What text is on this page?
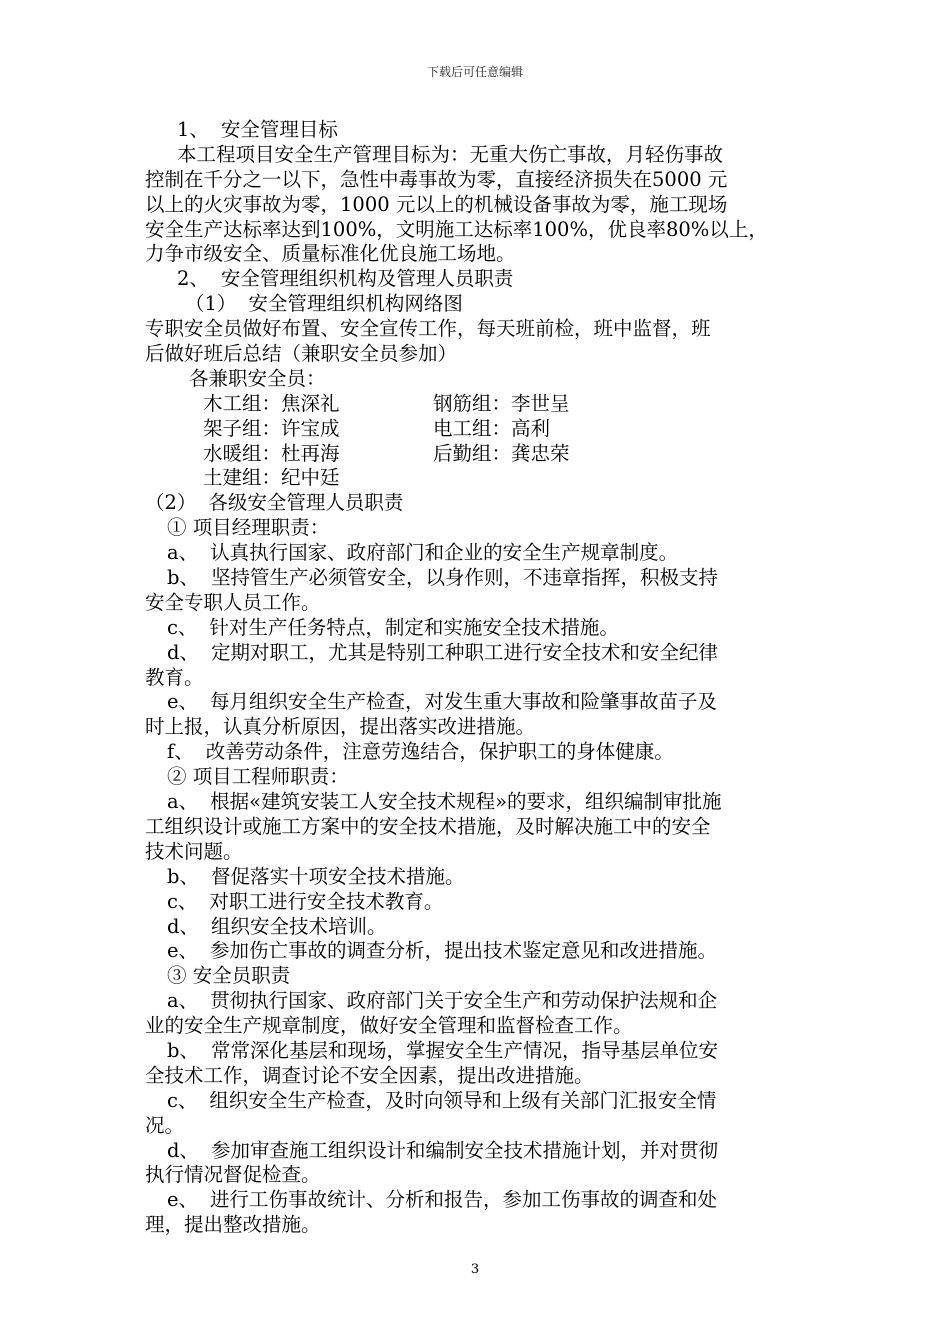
下载后可任意编辑
1、 安全管理目标
本工程项目安全生产管理目标为：无重大伤亡事故，月轻伤事故
控制在千分之一以下，急性中毒事故为零，直接经济损失在5000 元
以上的火灾事故为零，1000 元以上的机械设备事故为零，施工现场
安全生产达标率达到100%，文明施工达标率100%，优良率80%以上，
力争市级安全、质量标准化优良施工场地。
2、 安全管理组织机构及管理人员职责
（1） 安全管理组织机构网络图
专职安全员做好布置、安全宣传工作，每天班前检，班中监督，班
后做好班后总结（兼职安全员参加）
各兼职安全员：
木工组：焦深礼	钢筋组：李世呈
架子组：许宝成	电工组：高利
水暖组：杜再海	后勤组：龚忠荣
土建组：纪中廷
（2） 各级安全管理人员职责
① 项目经理职责：
a、 认真执行国家、政府部门和企业的安全生产规章制度。
b、 坚持管生产必须管安全，以身作则，不违章指挥，积极支持
安全专职人员工作。
c、 针对生产任务特点，制定和实施安全技术措施。
d、 定期对职工，尤其是特别工种职工进行安全技术和安全纪律
教育。
e、 每月组织安全生产检查，对发生重大事故和险肇事故苗子及
时上报，认真分析原因，提出落实改进措施。
f、 改善劳动条件，注意劳逸结合，保护职工的身体健康。
② 项目工程师职责：
a、 根据«建筑安装工人安全技术规程»的要求，组织编制审批施
工组织设计或施工方案中的安全技术措施，及时解决施工中的安全
技术问题。
b、 督促落实十项安全技术措施。
c、 对职工进行安全技术教育。
d、 组织安全技术培训。
e、 参加伤亡事故的调查分析，提出技术鉴定意见和改进措施。
③ 安全员职责
a、 贯彻执行国家、政府部门关于安全生产和劳动保护法规和企
业的安全生产规章制度，做好安全管理和监督检查工作。
b、 常常深化基层和现场，掌握安全生产情况，指导基层单位安
全技术工作，调查讨论不安全因素，提出改进措施。
c、 组织安全生产检查，及时向领导和上级有关部门汇报安全情
况。
d、 参加审查施工组织设计和编制安全技术措施计划，并对贯彻
执行情况督促检查。
e、 进行工伤事故统计、分析和报告，参加工伤事故的调查和处
理，提出整改措施。
3
